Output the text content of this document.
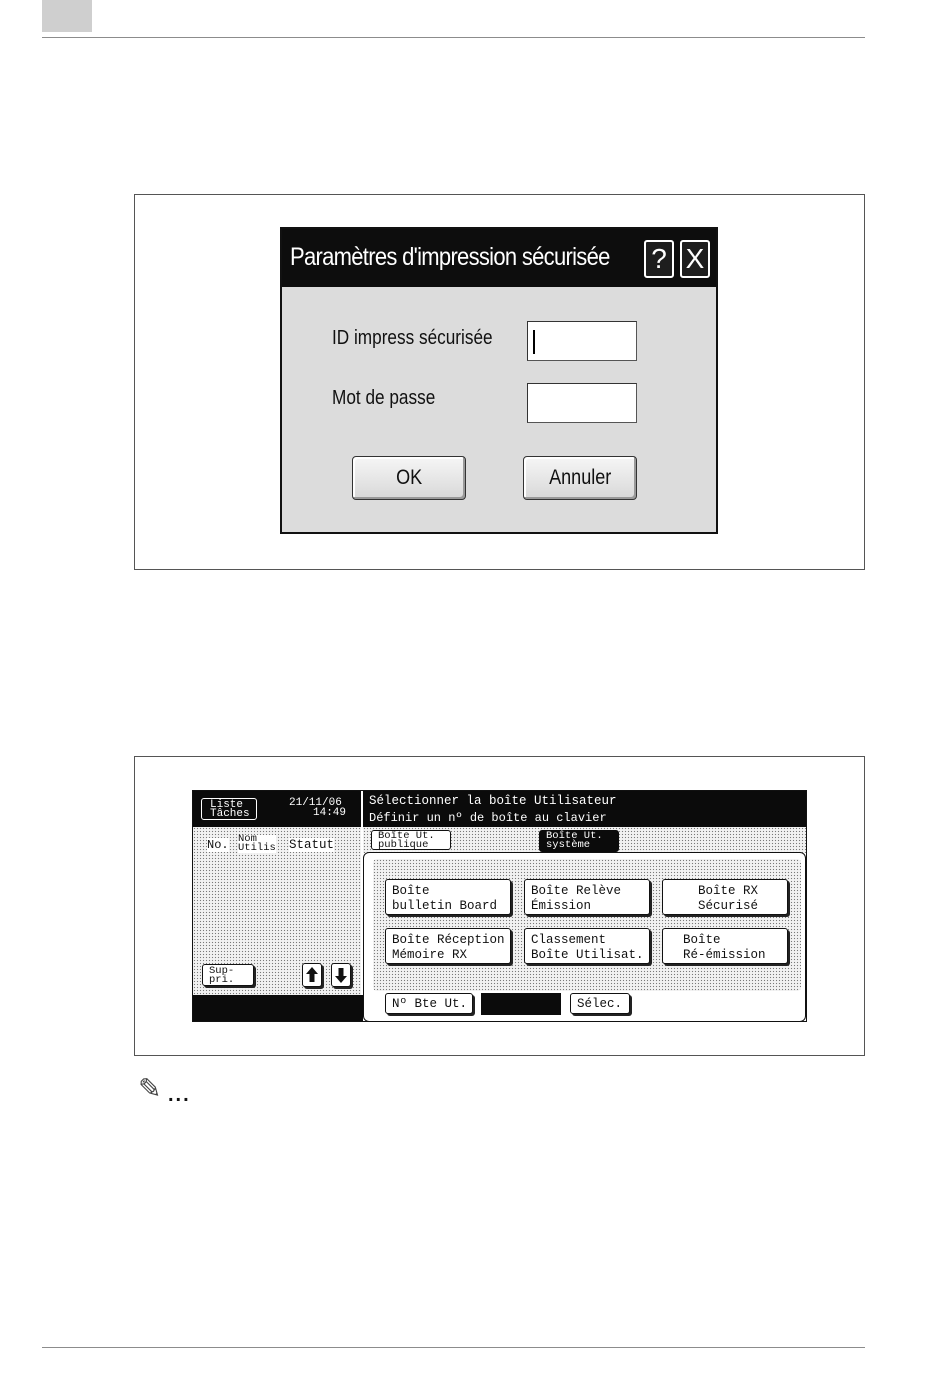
Paramètres d'impression sécurisée ? X
ID impress sécurisée
Mot de passe
OK	Annuler
Liste
Tâches
21/11/06
14:49
No. Nom
Utilis Statut
Sup-
pri.

Sélectionner la boîte Utilisateur
Définir un nº de boîte au clavier
Boîte Ut.
publique
Boîte Ut.
système
Boîte
bulletin Board
Boîte Relève
Émission
Boîte RX
Sécurisé
Boîte Réception
Mémoire RX
Classement
Boîte Utilisat.
Boîte
Ré-émission
Nº Bte Ut.	Sélec.
✎ ...
